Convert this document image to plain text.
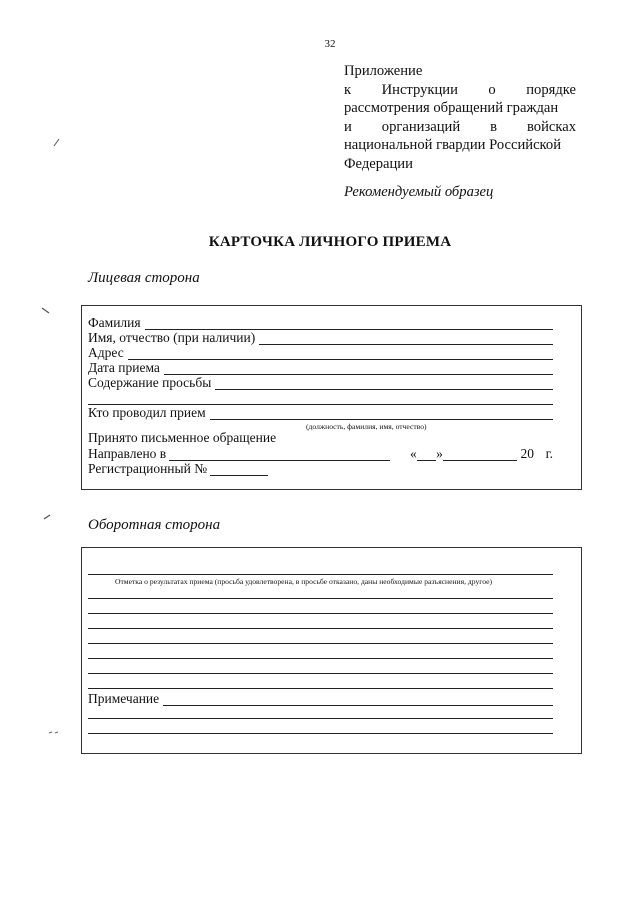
32
Приложение
к Инструкции о порядке
рассмотрения обращений граждан
и организаций в войсках
национальной гвардии Российской
Федерации
Рекомендуемый образец
КАРТОЧКА ЛИЧНОГО ПРИЕМА
Лицевая сторона
Фамилия
Имя, отчество (при наличии)
Адрес
Дата приема
Содержание просьбы
Кто проводил прием
(должность, фамилия, имя, отчество)
Принято письменное обращение
Направлено в	« »	20 г.
Регистрационный №
Оборотная сторона
Отметка о результатах приема (просьба удовлетворена, в просьбе отказано, даны необходимые разъяснения, другое)
Примечание
